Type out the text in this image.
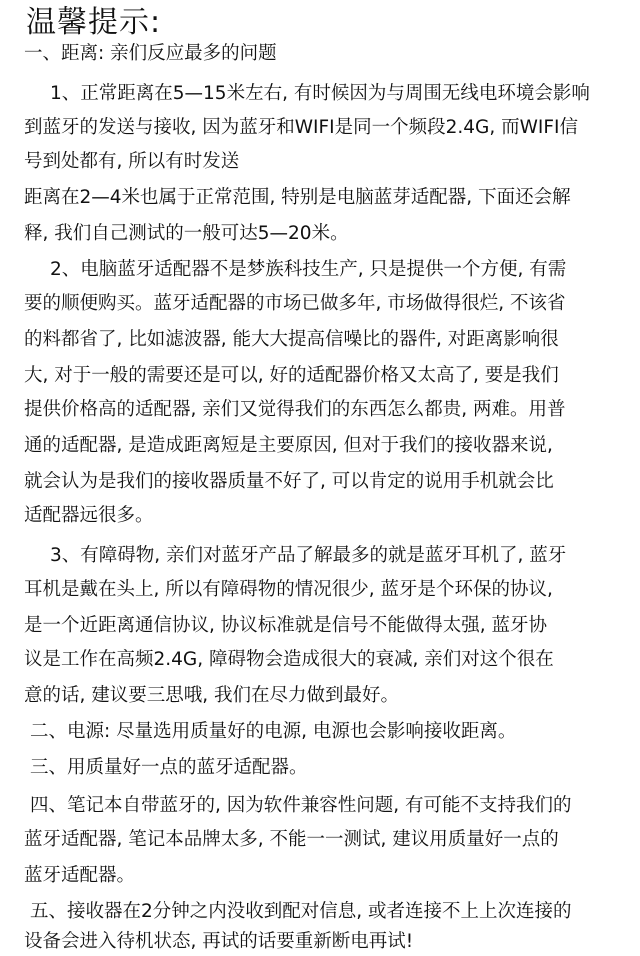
温馨提示:
一、距离: 亲们反应最多的问题
1、正常距离在5—15米左右, 有时候因为与周围无线电环境会影响
到蓝牙的发送与接收, 因为蓝牙和WIFI是同一个频段2.4G, 而WIFI信
号到处都有, 所以有时发送
距离在2—4米也属于正常范围, 特别是电脑蓝芽适配器, 下面还会解
释, 我们自己测试的一般可达5—20米。
2、电脑蓝牙适配器不是梦族科技生产, 只是提供一个方便, 有需
要的顺便购买。蓝牙适配器的市场已做多年, 市场做得很烂, 不该省
的料都省了, 比如滤波器, 能大大提高信噪比的器件, 对距离影响很
大, 对于一般的需要还是可以, 好的适配器价格又太高了, 要是我们
提供价格高的适配器, 亲们又觉得我们的东西怎么都贵, 两难。用普
通的适配器, 是造成距离短是主要原因, 但对于我们的接收器来说,
就会认为是我们的接收器质量不好了, 可以肯定的说用手机就会比
适配器远很多。
3、有障碍物, 亲们对蓝牙产品了解最多的就是蓝牙耳机了, 蓝牙
耳机是戴在头上, 所以有障碍物的情况很少, 蓝牙是个环保的协议,
是一个近距离通信协议, 协议标准就是信号不能做得太强, 蓝牙协
议是工作在高频2.4G, 障碍物会造成很大的衰减, 亲们对这个很在
意的话, 建议要三思哦, 我们在尽力做到最好。
二、电源: 尽量选用质量好的电源, 电源也会影响接收距离。
三、用质量好一点的蓝牙适配器。
四、笔记本自带蓝牙的, 因为软件兼容性问题, 有可能不支持我们的
蓝牙适配器, 笔记本品牌太多, 不能一一测试, 建议用质量好一点的
蓝牙适配器。
五、接收器在2分钟之内没收到配对信息, 或者连接不上上次连接的
设备会进入待机状态, 再试的话要重新断电再试!
